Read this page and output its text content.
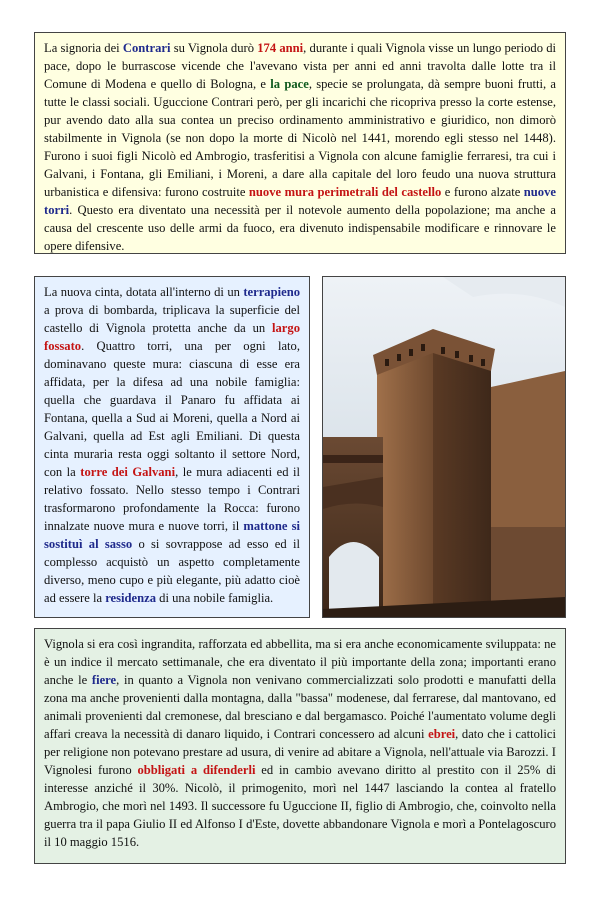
La signoria dei Contrari su Vignola durò 174 anni, durante i quali Vignola visse un lungo periodo di pace, dopo le burrascose vicende che l'avevano vista per anni ed anni travolta dalle lotte tra il Comune di Modena e quello di Bologna, e la pace, specie se prolungata, dà sempre buoni frutti, a tutte le classi sociali. Uguccione Contrari però, per gli incarichi che ricopriva presso la corte estense, pur avendo dato alla sua contea un preciso ordinamento amministrativo e giuridico, non dimorò stabilmente in Vignola (se non dopo la morte di Nicolò nel 1441, morendo egli stesso nel 1448). Furono i suoi figli Nicolò ed Ambrogio, trasferitisi a Vignola con alcune famiglie ferraresi, tra cui i Galvani, i Fontana, gli Emiliani, i Moreni, a dare alla capitale del loro feudo una nuova struttura urbanistica e difensiva: furono costruite nuove mura perimetrali del castello e furono alzate nuove torri. Questo era diventato una necessità per il notevole aumento della popolazione; ma anche a causa del crescente uso delle armi da fuoco, era divenuto indispensabile modificare e rinnovare le opere difensive.

La nuova cinta, dotata all'interno di un terrapieno a prova di bombarda, triplicava la superficie del castello di Vignola protetta anche da un largo fossato. Quattro torri, una per ogni lato, dominavano queste mura: ciascuna di esse era affidata, per la difesa ad una nobile famiglia: quella che guardava il Panaro fu affidata ai Fontana, quella a Sud ai Moreni, quella a Nord ai Galvani, quella ad Est agli Emiliani. Di questa cinta muraria resta oggi soltanto il settore Nord, con la torre dei Galvani, le mura adiacenti ed il relativo fossato. Nello stesso tempo i Contrari trasformarono profondamente la Rocca: furono innalzate nuove mura e nuove torri, il mattone si sostituì al sasso o si sovrappose ad esso ed il complesso acquistò un aspetto completamente diverso, meno cupo e più elegante, più adatto cioè ad essere la residenza di una nobile famiglia.

Vignola si era così ingrandita, rafforzata ed abbellita, ma si era anche economicamente sviluppata: ne è un indice il mercato settimanale, che era diventato il più importante della zona; importanti erano anche le fiere, in quanto a Vignola non venivano commercializzati solo prodotti e manufatti della zona ma anche provenienti dalla montagna, dalla "bassa" modenese, dal ferrarese, dal mantovano, ed animali provenienti dal cremonese, dal bresciano e dal bergamasco. Poiché l'aumentato volume degli affari creava la necessità di danaro liquido, i Contrari concessero ad alcuni ebrei, dato che i cattolici per religione non potevano prestare ad usura, di venire ad abitare a Vignola, nell'attuale via Barozzi. I Vignolesi furono obbligati a difenderli ed in cambio avevano diritto al prestito con il 25% di interesse anziché il 30%. Nicolò, il primogenito, morì nel 1447 lasciando la contea al fratello Ambrogio, che morì nel 1493. Il successore fu Uguccione II, figlio di Ambrogio, che, coinvolto nella guerra tra il papa Giulio II ed Alfonso I d'Este, dovette abbandonare Vignola e morì a Pontelagoscuro il 10 maggio 1516.
